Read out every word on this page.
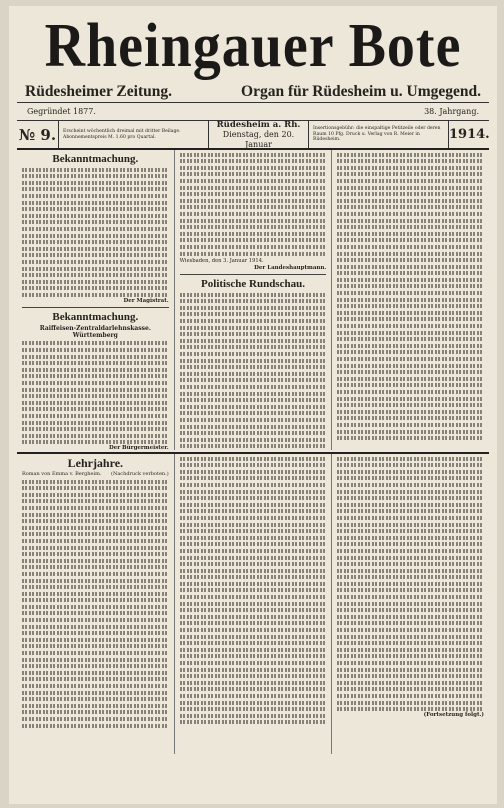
Rheingauer Bote
Rüdesheimer Zeitung.	Organ für Rüdesheim u. Umgegend.
Gegründet 1877.	38. Jahrgang.
№ 9.	Erscheint wöchentlich dreimal mit dritter Beilage. Abonnementspreis M. 1.60 pro Quartal.
Rüdesheim a. Rh.
Dienstag, den 20. Januar
Insertionsgebühr: die einspaltige Petitzeile oder deren Raum 10 Pfg. Druck u. Verlag von R. Meier in Rüdesheim.	1914.
Bekanntmachung.
Der Magistrat.
Bekanntmachung.
Raiffeisen-Zentraldarlehnskasse. Württemberg
Der Bürgermeister.
Wiesbaden, den 3. Januar 1914.
Der Landeshauptmann.
Politische Rundschau.
Lehrjahre.
Roman von Emma v. Bergheim. (Nachdruck verboten.)
(Fortsetzung folgt.)
